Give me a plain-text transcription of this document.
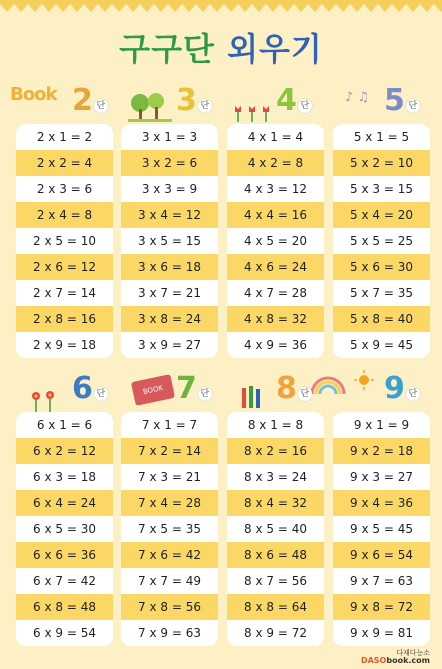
구구단 외우기
Book	♪ ♫
BOOK
2 단
2 x 1 = 2
2 x 2 = 4
2 x 3 = 6
2 x 4 = 8
2 x 5 = 10
2 x 6 = 12
2 x 7 = 14
2 x 8 = 16
2 x 9 = 18
3 단
3 x 1 = 3
3 x 2 = 6
3 x 3 = 9
3 x 4 = 12
3 x 5 = 15
3 x 6 = 18
3 x 7 = 21
3 x 8 = 24
3 x 9 = 27
4 단
4 x 1 = 4
4 x 2 = 8
4 x 3 = 12
4 x 4 = 16
4 x 5 = 20
4 x 6 = 24
4 x 7 = 28
4 x 8 = 32
4 x 9 = 36
5 단
5 x 1 = 5
5 x 2 = 10
5 x 3 = 15
5 x 4 = 20
5 x 5 = 25
5 x 6 = 30
5 x 7 = 35
5 x 8 = 40
5 x 9 = 45
6 단
6 x 1 = 6
6 x 2 = 12
6 x 3 = 18
6 x 4 = 24
6 x 5 = 30
6 x 6 = 36
6 x 7 = 42
6 x 8 = 48
6 x 9 = 54
7 단
7 x 1 = 7
7 x 2 = 14
7 x 3 = 21
7 x 4 = 28
7 x 5 = 35
7 x 6 = 42
7 x 7 = 49
7 x 8 = 56
7 x 9 = 63
8 단
8 x 1 = 8
8 x 2 = 16
8 x 3 = 24
8 x 4 = 32
8 x 5 = 40
8 x 6 = 48
8 x 7 = 56
8 x 8 = 64
8 x 9 = 72
9 단
9 x 1 = 9
9 x 2 = 18
9 x 3 = 27
9 x 4 = 36
9 x 5 = 45
9 x 6 = 54
9 x 7 = 63
9 x 8 = 72
9 x 9 = 81
다재다능소
DASObook.com
